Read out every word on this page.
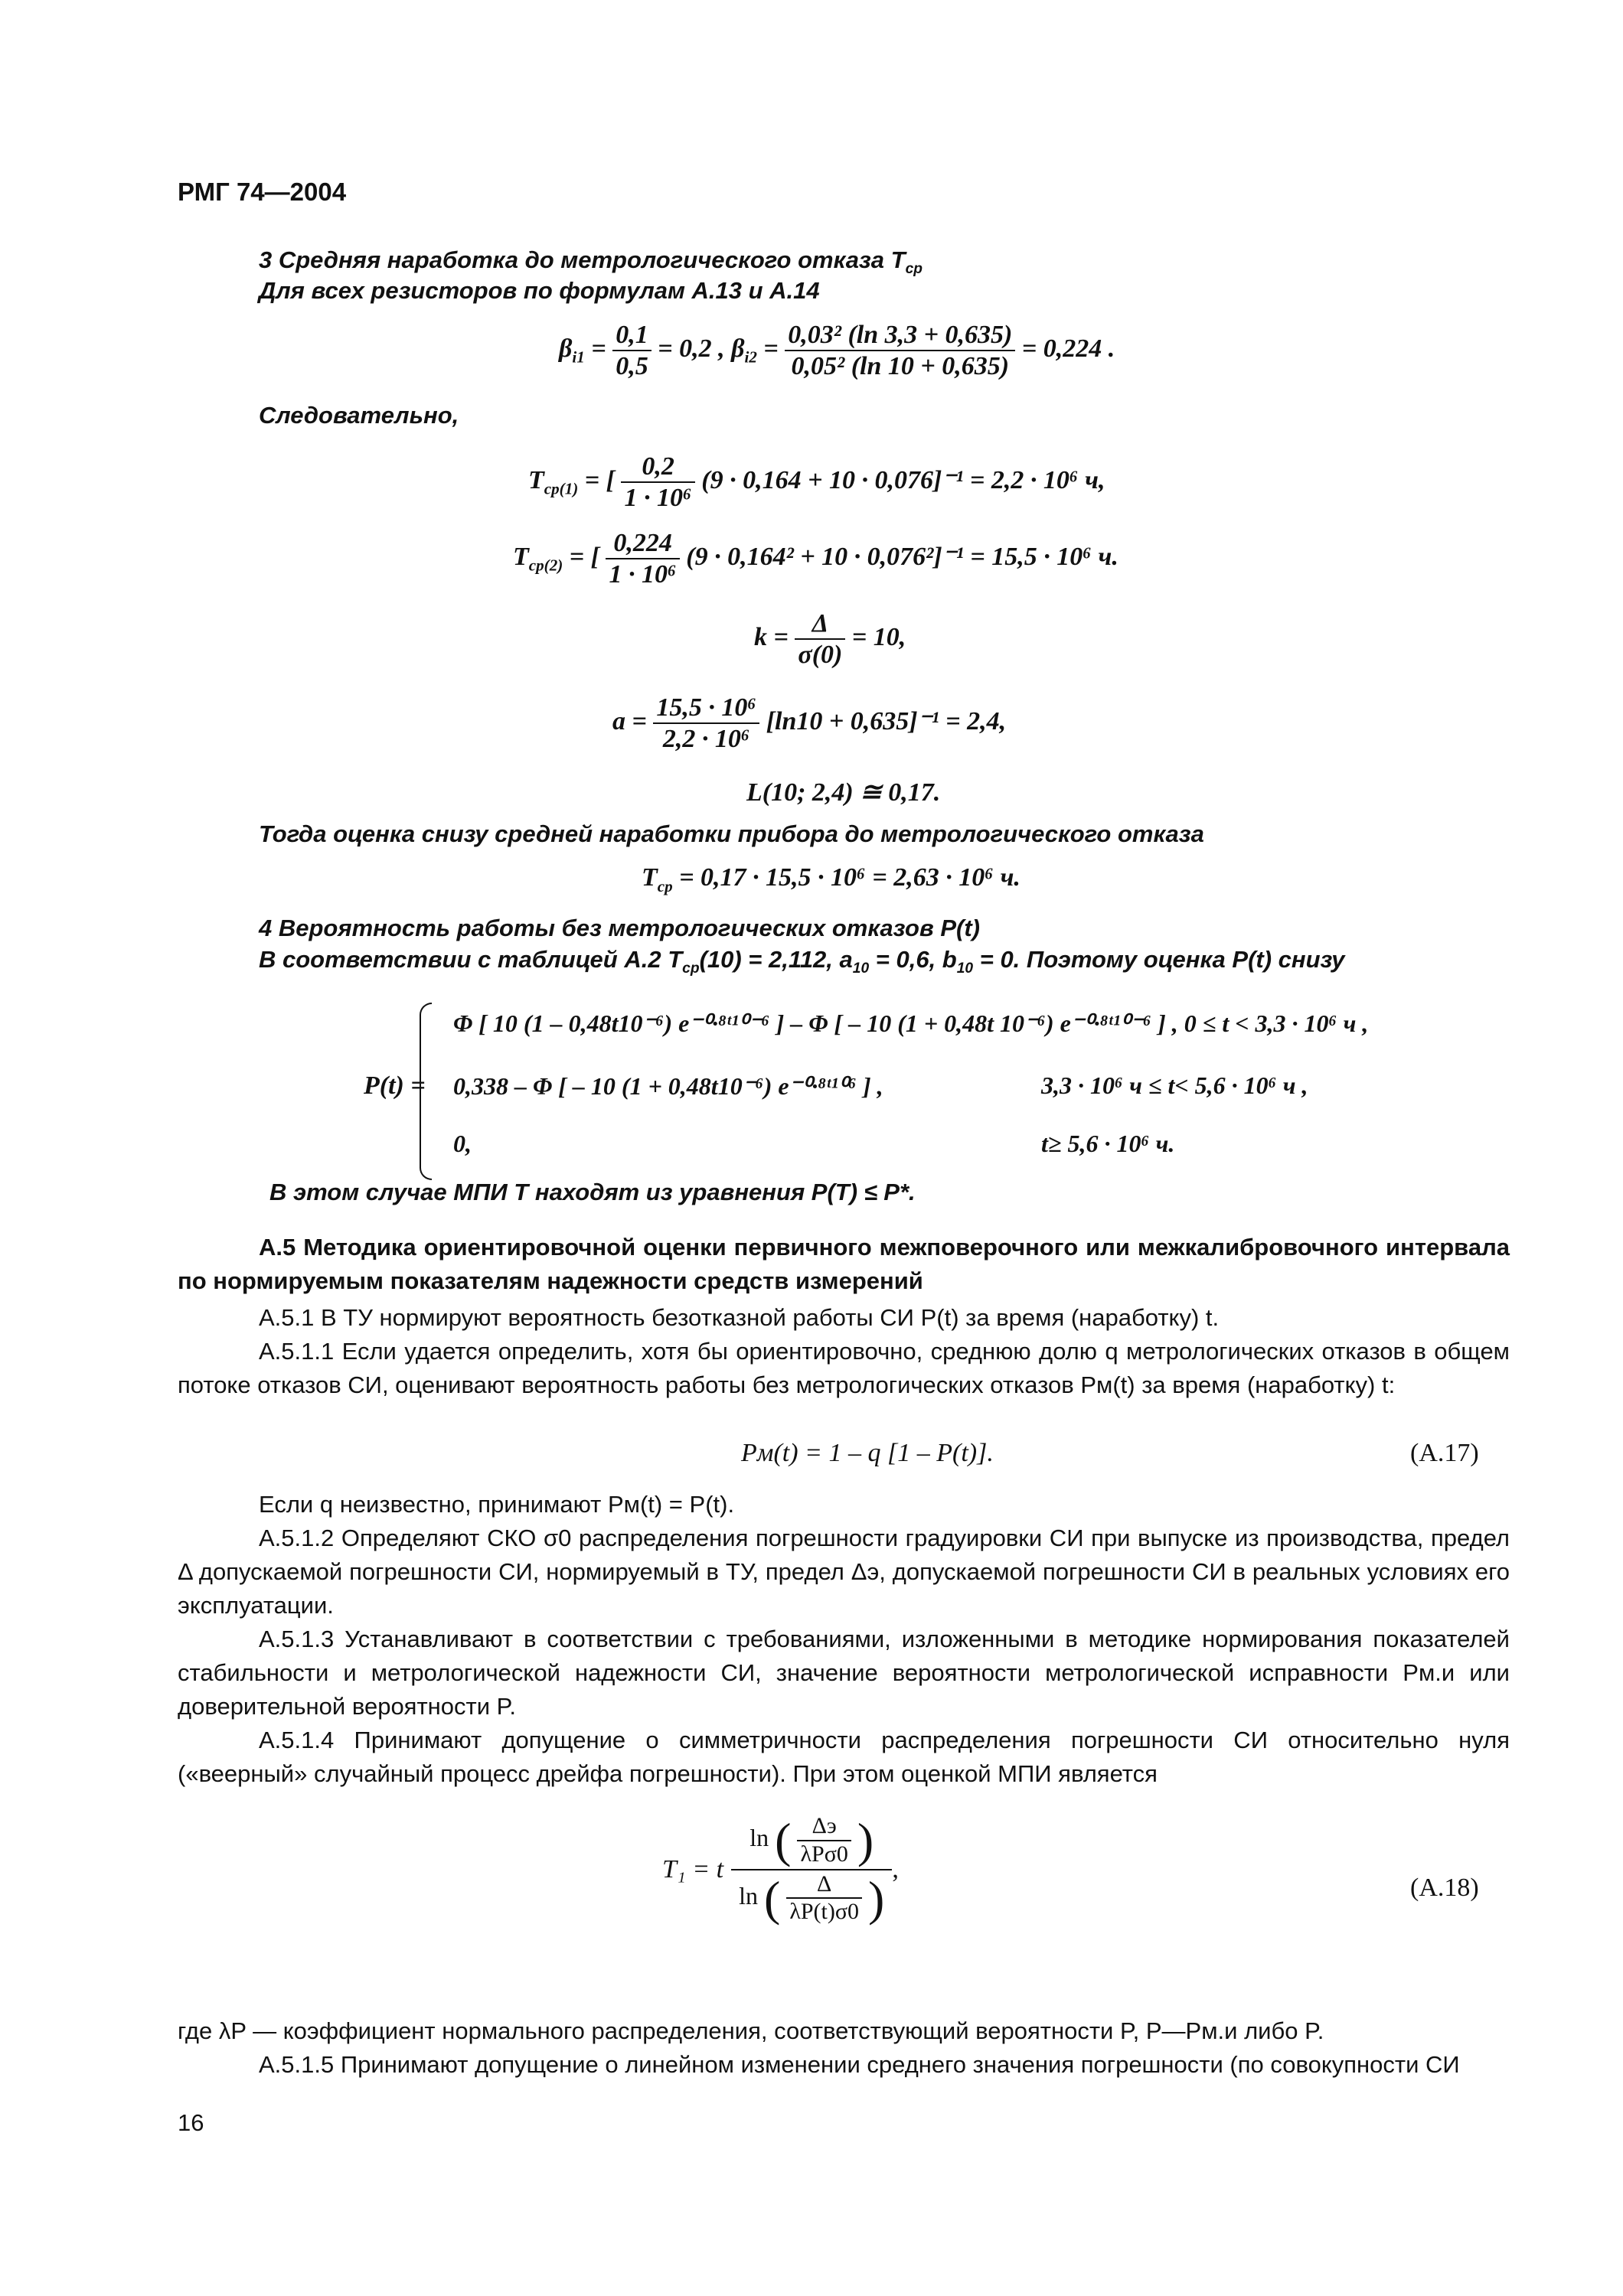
РМГ 74—2004
3 Средняя наработка до метрологического отказа $T_{ср}$
Для всех резисторов по формулам А.13 и А.14
$\beta_{i1} = \frac{0,1}{0,5} = 0,2$ , $\beta_{i2} = \frac{\text{0,03² (ln 3,3 + 0,635)}}{\text{0,05² (ln 10 + 0,635)}} = 0,224$ .
Следовательно,
$T_{ср(1)}$ = [ $\frac{0,2}{\text{1 · 10⁶}} (9 \cdot 0,164 + 10 \cdot 0,076]^{-1} = 2,2 \cdot 10^6$ ч,
$T_{ср(2)}$ = [ $\frac{0,224}{\text{1 · 10⁶}} (9 \cdot 0,164^2 + 10 \cdot 0,076^2]^{-1} = 15,5 \cdot 10^6$ ч.
$k = \frac{\Delta}{\sigma(0)} = 10$,
$a = \frac{\text{15,5 · 10⁶}}{\text{2,2 · 10⁶}} [\ln 10 + 0,635]^{-1} = 2,4$,
L(10; 2,4) ≅ 0,17.
Тогда оценка снизу средней наработки прибора до метрологического отказа
$T_{ср} = 0,17 \cdot 15,5 \cdot 10^6 = 2,63 \cdot 10^6$ ч.
4 Вероятность работы без метрологических отказов P(t)
В соответствии с таблицей А.2 $T_{ср}(10) = 2,112$, $a_{10} = 0,6$, $b_{10} = 0$. Поэтому оценка P(t) снизу
P(t) =
Φ [ 10 (1 – 0,48t10⁻⁶) e⁻⁰·⁸ᵗ¹⁰⁻⁶ ] – Φ [ – 10 (1 + 0,48t 10⁻⁶) e⁻⁰·⁸ᵗ¹⁰⁻⁶ ] , 0 ≤ t < 3,3 · 10⁶ ч ,
0,338 – Φ [ – 10 (1 + 0,48t10⁻⁶) e⁻⁰·⁸ᵗ¹⁰⁶ ] ,	3,3 · 10⁶ ч ≤ t< 5,6 · 10⁶ ч ,
0,	t≥ 5,6 · 10⁶ ч.
В этом случае МПИ T находят из уравнения P(T) ≤ P*.
А.5 Методика ориентировочной оценки первичного межповерочного или межкалибровочного интервала по нормируемым показателям надежности средств измерений
А.5.1 В ТУ нормируют вероятность безотказной работы СИ P(t) за время (наработку) t.
А.5.1.1 Если удается определить, хотя бы ориентировочно, среднюю долю q метрологических отказов в общем потоке отказов СИ, оценивают вероятность работы без метрологических отказов Pм(t) за время (наработку) t:
Pм(t) = 1 – q [1 – P(t)].	(А.17)
Если q неизвестно, принимают Pм(t) = P(t).
А.5.1.2 Определяют СКО σ0 распределения погрешности градуировки СИ при выпуске из производства, предел Δ допускаемой погрешности СИ, нормируемый в ТУ, предел Δэ, допускаемой погрешности СИ в реальных условиях его эксплуатации.
А.5.1.3 Устанавливают в соответствии с требованиями, изложенными в методике нормирования показателей стабильности и метрологической надежности СИ, значение вероятности метрологической исправности Pм.и или доверительной вероятности P.
А.5.1.4 Принимают допущение о симметричности распределения погрешности СИ относительно нуля («веерный» случайный процесс дрейфа погрешности). При этом оценкой МПИ является
T₁ = t $\frac{\ln ( \frac{\Delta э}{\text{λPσ0}} )}{\ln ( \frac{\Delta}{\lambda P(t)\sigma 0} )}$ ,
(А.18)
где λP — коэффициент нормального распределения, соответствующий вероятности P, P—Pм.и либо P.
А.5.1.5 Принимают допущение о линейном изменении среднего значения погрешности (по совокупности СИ
16
